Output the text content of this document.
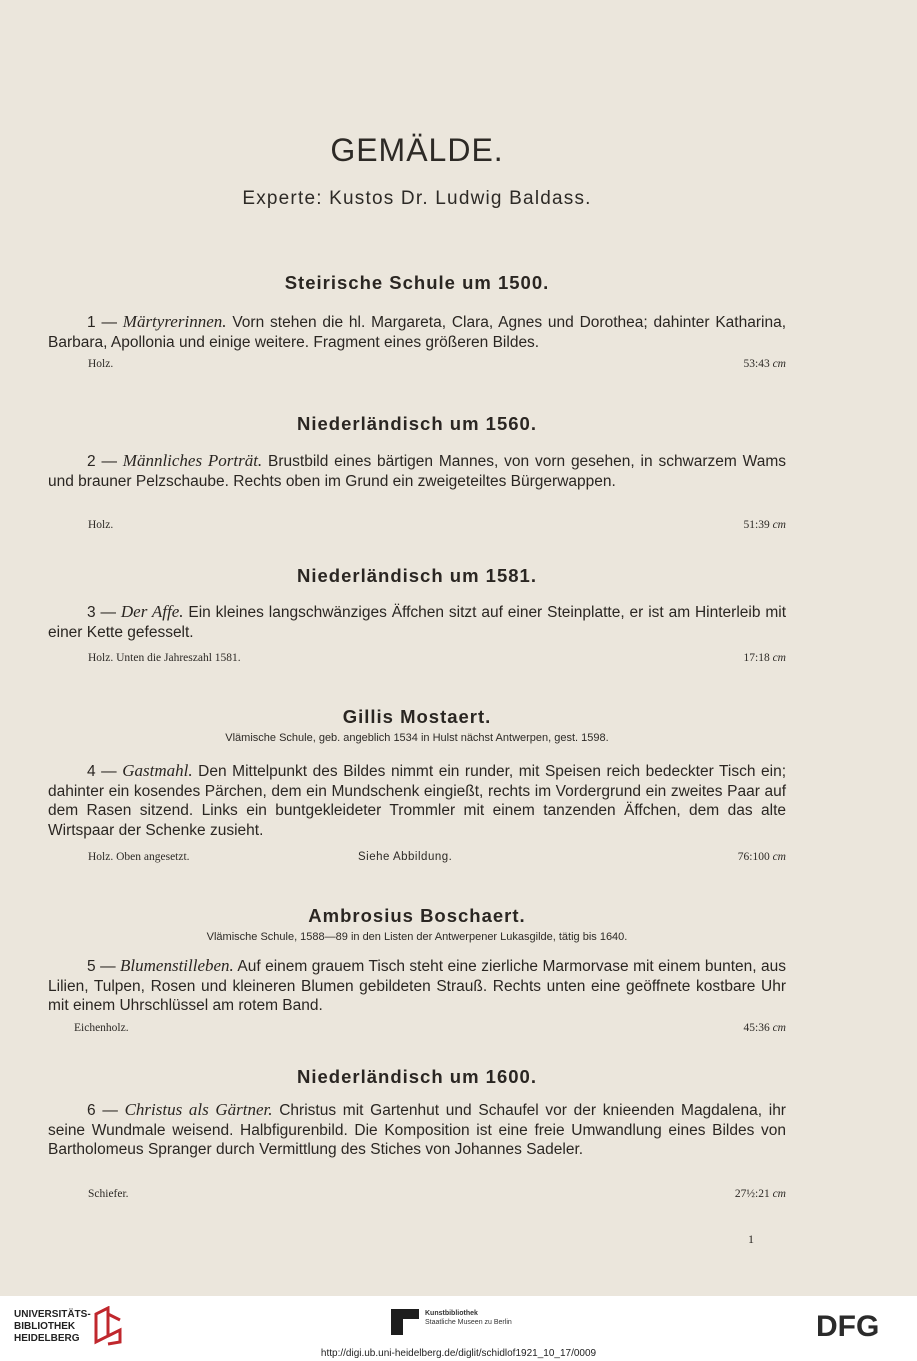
GEMÄLDE.
Experte: Kustos Dr. Ludwig Baldass.
Steirische Schule um 1500.
1 — Märtyrerinnen. Vorn stehen die hl. Margareta, Clara, Agnes und Dorothea; dahinter Katharina, Barbara, Apollonia und einige weitere. Fragment eines größeren Bildes.
Holz.	53:43 cm
Niederländisch um 1560.
2 — Männliches Porträt. Brustbild eines bärtigen Mannes, von vorn gesehen, in schwarzem Wams und brauner Pelzschaube. Rechts oben im Grund ein zweigeteiltes Bürgerwappen.
Holz.	51:39 cm
Niederländisch um 1581.
3 — Der Affe. Ein kleines langschwänziges Äffchen sitzt auf einer Steinplatte, er ist am Hinterleib mit einer Kette gefesselt.
Holz. Unten die Jahreszahl 1581.	17:18 cm
Gillis Mostaert.
Vlämische Schule, geb. angeblich 1534 in Hulst nächst Antwerpen, gest. 1598.
4 — Gastmahl. Den Mittelpunkt des Bildes nimmt ein runder, mit Speisen reich bedeckter Tisch ein; dahinter ein kosendes Pärchen, dem ein Mundschenk eingießt, rechts im Vordergrund ein zweites Paar auf dem Rasen sitzend. Links ein buntgekleideter Trommler mit einem tanzenden Äffchen, dem das alte Wirtspaar der Schenke zusieht.
Holz. Oben angesetzt.	Siehe Abbildung.	76:100 cm
Ambrosius Boschaert.
Vlämische Schule, 1588—89 in den Listen der Antwerpener Lukasgilde, tätig bis 1640.
5 — Blumenstilleben. Auf einem grauem Tisch steht eine zierliche Marmorvase mit einem bunten, aus Lilien, Tulpen, Rosen und kleineren Blumen gebildeten Strauß. Rechts unten eine geöffnete kostbare Uhr mit einem Uhrschlüssel am rotem Band.
Eichenholz.	45:36 cm
Niederländisch um 1600.
6 — Christus als Gärtner. Christus mit Gartenhut und Schaufel vor der knieenden Magdalena, ihr seine Wundmale weisend. Halbfigurenbild. Die Komposition ist eine freie Umwandlung eines Bildes von Bartholomeus Spranger durch Vermittlung des Stiches von Johannes Sadeler.
Schiefer.	27½:21 cm
1
UNIVERSITÄTS-
BIBLIOTHEK
HEIDELBERG
Kunstbibliothek
Staatliche Museen zu Berlin	DFG
http://digi.ub.uni-heidelberg.de/diglit/schidlof1921_10_17/0009
